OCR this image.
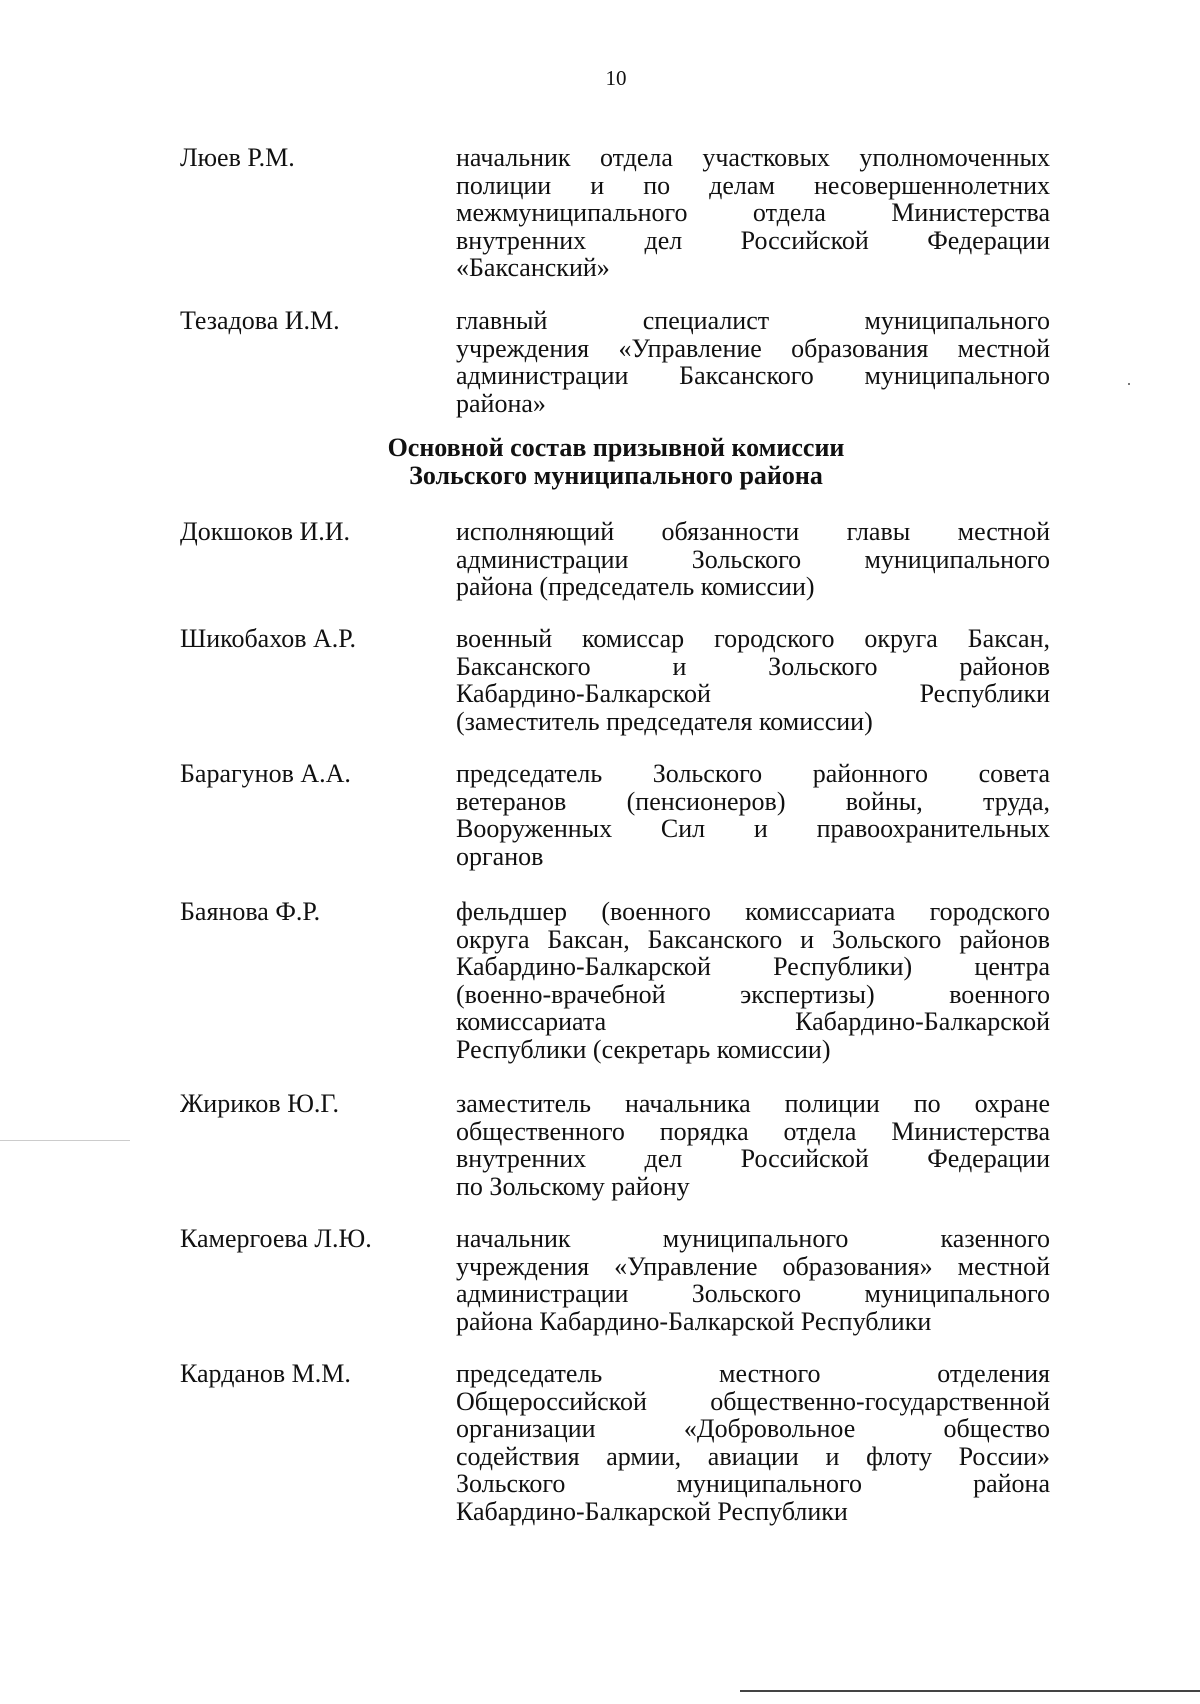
10
Люев Р.М.	начальник отдела участковых уполномоченных
полиции и по делам несовершеннолетних
межмуниципального отдела Министерства
внутренних дел Российской Федерации
«Баксанский»
Тезадова И.М.	главный специалист муниципального
учреждения «Управление образования местной
администрации Баксанского муниципального
района»
Основной состав призывной комиссии
Зольского муниципального района
Докшоков И.И.	исполняющий обязанности главы местной
администрации Зольского муниципального
района (председатель комиссии)
Шикобахов А.Р.	военный комиссар городского округа Баксан,
Баксанского и Зольского районов
Кабардино-Балкарской Республики
(заместитель председателя комиссии)
Барагунов А.А.	председатель Зольского районного совета
ветеранов (пенсионеров) войны, труда,
Вооруженных Сил и правоохранительных
органов
Баянова Ф.Р.	фельдшер (военного комиссариата городского
округа Баксан, Баксанского и Зольского районов
Кабардино-Балкарской Республики) центра
(военно-врачебной экспертизы) военного
комиссариата Кабардино-Балкарской
Республики (секретарь комиссии)
Жириков Ю.Г.	заместитель начальника полиции по охране
общественного порядка отдела Министерства
внутренних дел Российской Федерации
по Зольскому району
Камергоева Л.Ю.	начальник муниципального казенного
учреждения «Управление образования» местной
администрации Зольского муниципального
района Кабардино-Балкарской Республики
Карданов М.М.	председатель местного отделения
Общероссийской общественно-государственной
организации «Добровольное общество
содействия армии, авиации и флоту России»
Зольского муниципального района
Кабардино-Балкарской Республики
